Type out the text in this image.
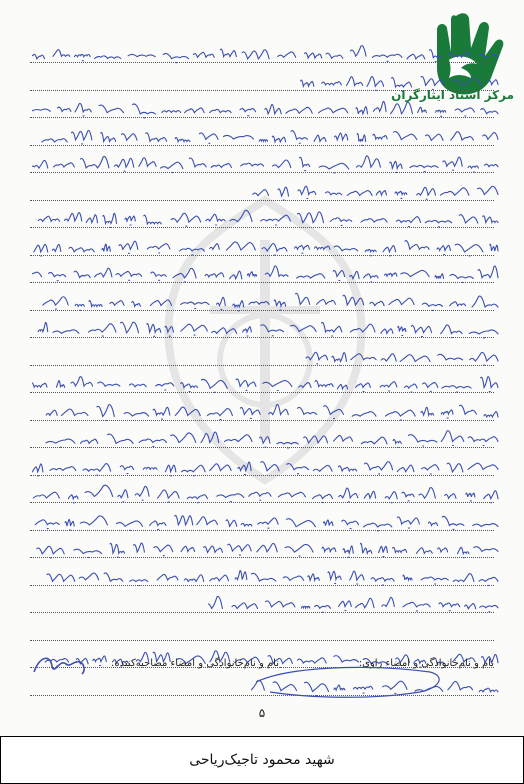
مرکز اسناد ایثارگران
نام و نام‌خانوادگی و امضاء راوی:
نام و نام‌خانوادگی و امضاء مصاحبه‌کننده:
۵
شهید محمود تاجیک‌ریاحی
